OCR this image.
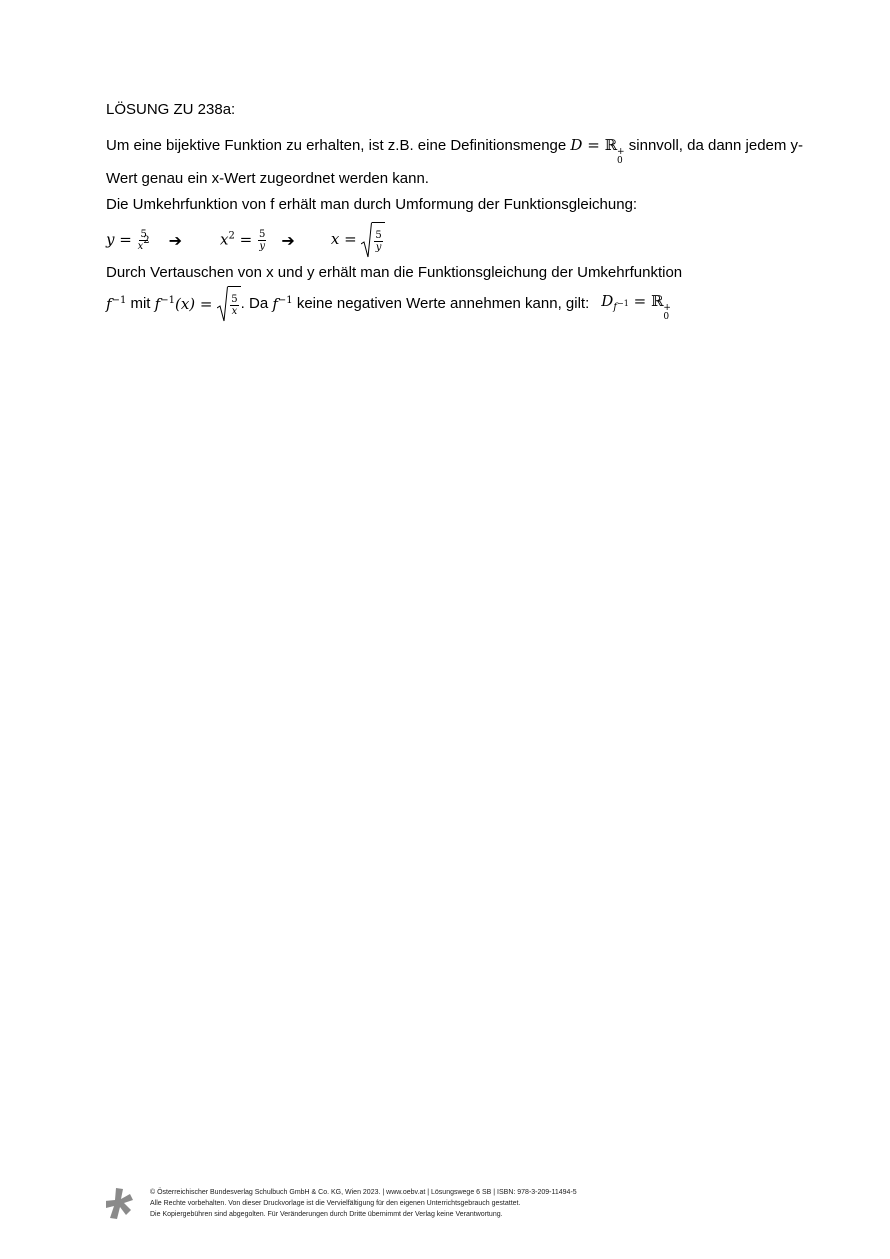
LÖSUNG ZU 238a:

Um eine bijektive Funktion zu erhalten, ist z.B. eine Definitionsmenge D = ℝ +
0
sinnvoll, da dann jedem y-Wert genau ein x-Wert zugeordnet werden kann.

Die Umkehrfunktion von f erhält man durch Umformung der Funktionsgleichung:

$y = \frac{5}{x2}$ ➔	$x^2 = \frac{5}{y}$ ➔ $x = \frac{5}{y}$

Durch Vertauschen von x und y erhält man die Funktionsgleichung der Umkehrfunktion

$f^{-1}$
mit
$f^{-1}(x)$ =	$\frac{5}{x}$ .
Da
$f^{-1}$
keine negativen Werte annehmen kann, gilt: $D_{f^{-1}}$ = ℝ +
0

© Österreichischer Bundesverlag Schulbuch GmbH & Co. KG, Wien 2023. | www.oebv.at | Lösungswege 6 SB | ISBN: 978-3-209-11494-5
Alle Rechte vorbehalten. Von dieser Druckvorlage ist die Vervielfältigung für den eigenen Unterrichtsgebrauch gestattet.
Die Kopiergebühren sind abgegolten. Für Veränderungen durch Dritte übernimmt der Verlag keine Verantwortung.
